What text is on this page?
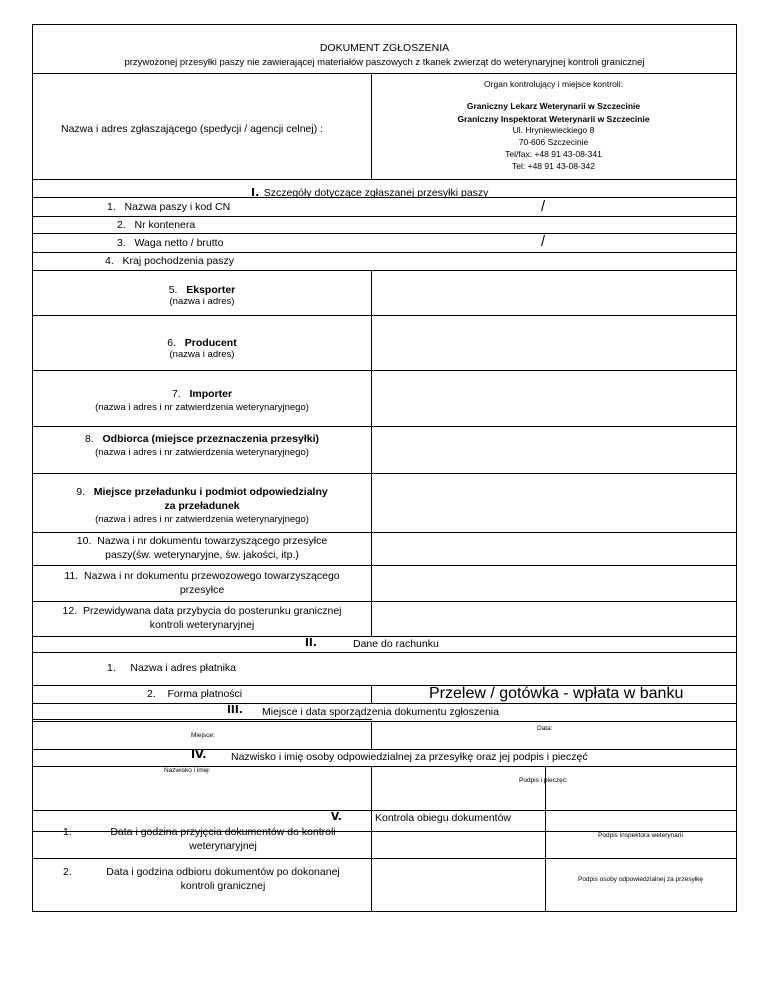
DOKUMENT ZGŁOSZENIA
przywożonej przesyłki paszy nie zawierającej materiałów paszowych z tkanek zwierząt do weterynaryjnej kontroli granicznej
Organ kontrolujący i miejsce kontroli:
Graniczny Lekarz Weterynarii w Szczecinie
Graniczny Inspektorat Weterynarii w Szczecinie
Ul. Hryniewieckiego 8
70-606 Szczecinie
Tel/fax: +48 91 43-08-341
Tel: +48 91 43-08-342
Nazwa i adres zgłaszającego (spedycji / agencji celnej) :
I. Szczegóły dotyczące zgłaszanej przesyłki paszy
1. Nazwa paszy i kod CN	/
2. Nr kontenera
3. Waga netto / brutto	/
4. Kraj pochodzenia paszy
5. Eksporter
(nazwa i adres)
6. Producent
(nazwa i adres)
7. Importer
(nazwa i adres i nr zatwierdzenia weterynaryjnego)
8. Odbiorca (miejsce przeznaczenia przesyłki)
(nazwa i adres i nr zatwierdzenia weterynaryjnego)
9. Miejsce przeładunku i podmiot odpowiedzialny
za przeładunek
(nazwa i adres i nr zatwierdzenia weterynaryjnego)
10. Nazwa i nr dokumentu towarzyszącego przesyłce
paszy(św. weterynaryjne, św. jakości, itp.)
11. Nazwa i nr dokumentu przewozowego towarzyszącego
przesyłce
12. Przewidywana data przybycia do posterunku granicznej
kontroli weterynaryjnej
II.	Dane do rachunku
1. Nazwa i adres płatnika
2. Forma płatności	Przelew / gotówka - wpłata w banku
III. Miejsce i data sporządzenia dokumentu zgłoszenia
Miejsce:
Data:
IV. Nazwisko i imię osoby odpowiedzialnej za przesyłkę oraz jej podpis i pieczęć
Nazwisko i imię:
Podpis i pieczęć:
V.	Kontrola obiegu dokumentów
1.	Data i godzina przyjęcia dokumentów do kontroli
weterynaryjnej
Podpis inspektora weterynarii
2.	Data i godzina odbioru dokumentów po dokonanej
kontroli granicznej
Podpis osoby odpowiedzialnej za przesyłkę
